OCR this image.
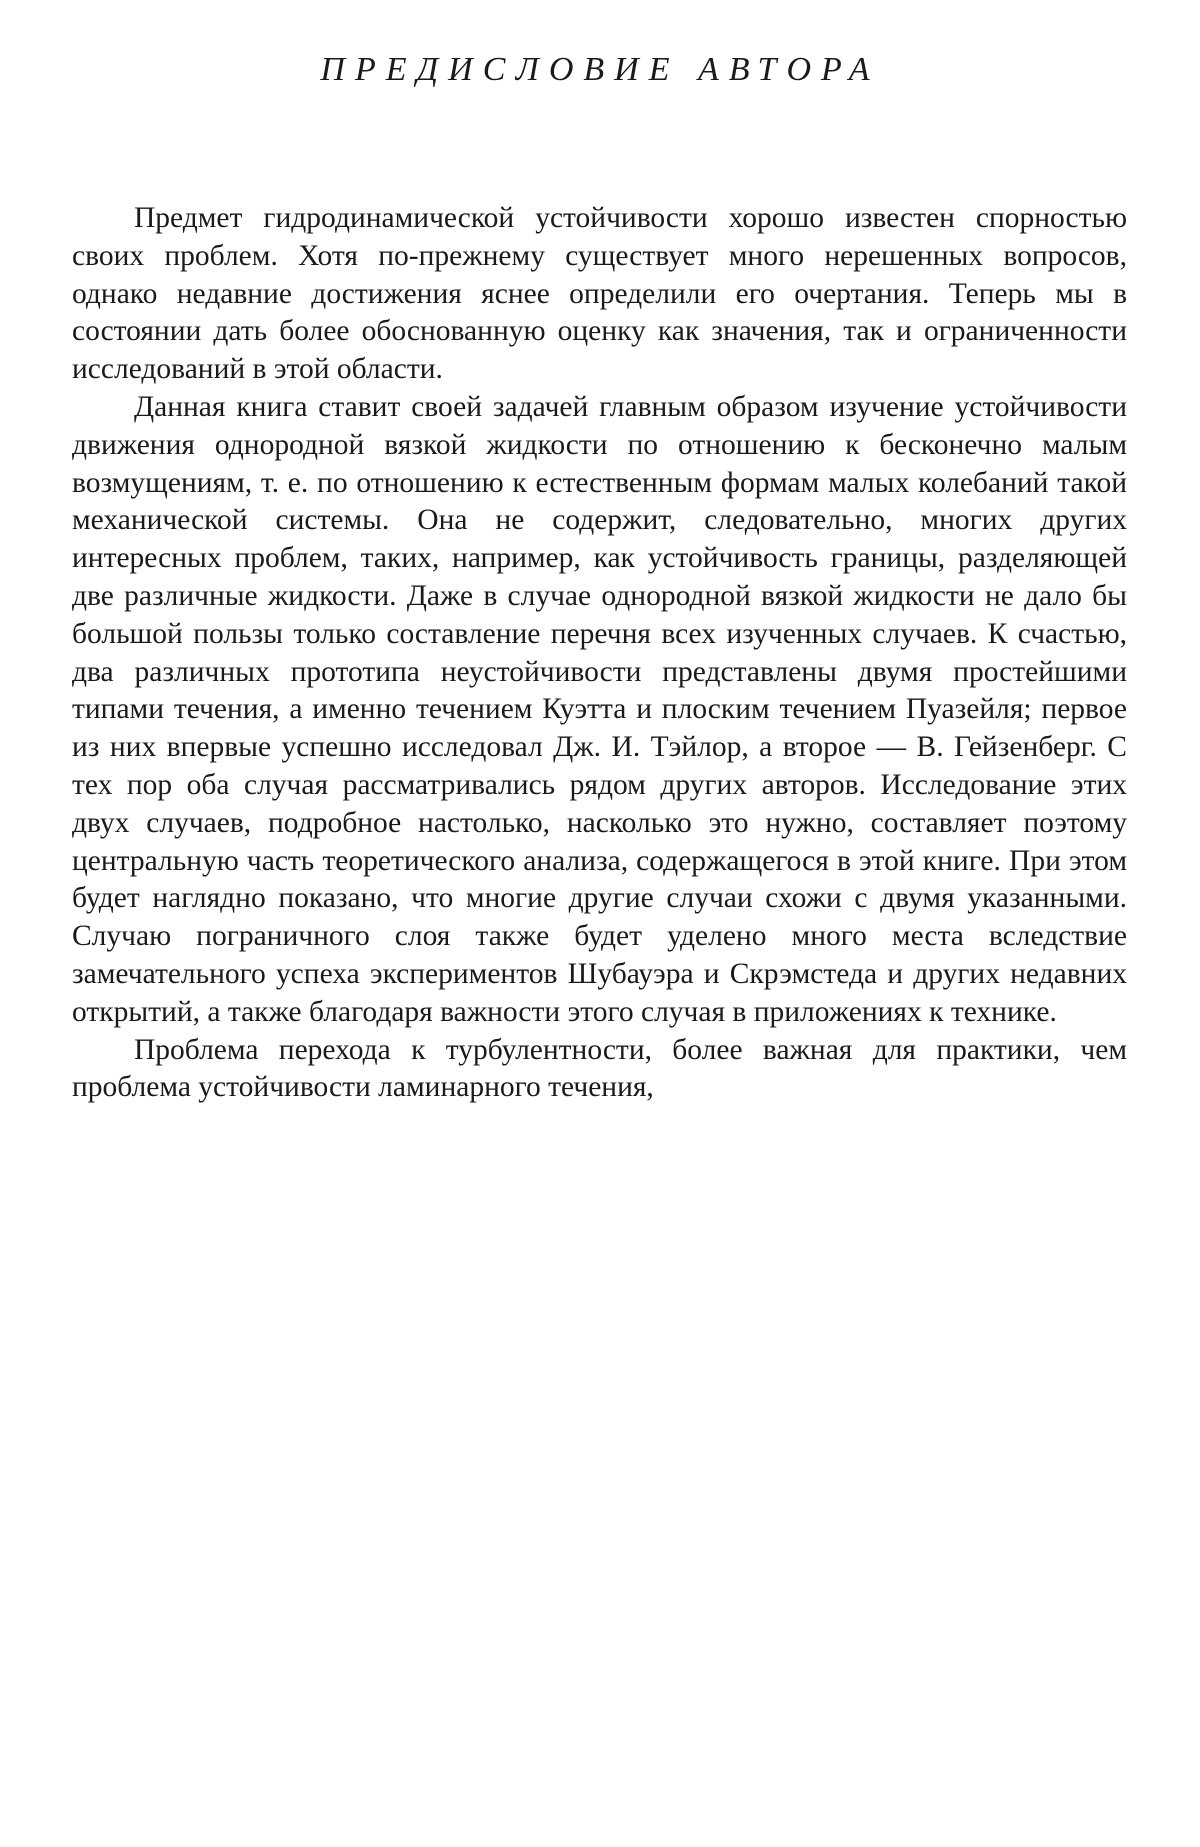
ПРЕДИСЛОВИЕ АВТОРА

Предмет гидродинамической устойчивости хорошо известен спорностью своих проблем. Хотя по-прежнему существует много нерешенных вопросов, однако недавние достижения яснее определили его очертания. Теперь мы в состоянии дать более обоснованную оценку как значения, так и ограниченности исследований в этой области.

Данная книга ставит своей задачей главным образом изучение устойчивости движения однородной вязкой жидкости по отношению к бесконечно малым возмущениям, т. е. по отношению к естественным формам малых колебаний такой механической системы. Она не содержит, следовательно, многих других интересных проблем, таких, например, как устойчивость границы, разделяющей две различные жидкости. Даже в случае однородной вязкой жидкости не дало бы большой пользы только составление перечня всех изученных случаев. К счастью, два различных прототипа неустойчивости представлены двумя простейшими типами течения, а именно течением Куэтта и плоским течением Пуазейля; первое из них впервые успешно исследовал Дж. И. Тэйлор, а второе — В. Гейзенберг. С тех пор оба случая рассматривались рядом других авторов. Исследование этих двух случаев, подробное настолько, насколько это нужно, составляет поэтому центральную часть теоретического анализа, содержащегося в этой книге. При этом будет наглядно показано, что многие другие случаи схожи с двумя указанными. Случаю пограничного слоя также будет уделено много места вследствие замечательного успеха экспериментов Шубауэра и Скрэмстеда и других недавних открытий, а также благодаря важности этого случая в приложениях к технике.

Проблема перехода к турбулентности, более важная для практики, чем проблема устойчивости ламинарного течения,
